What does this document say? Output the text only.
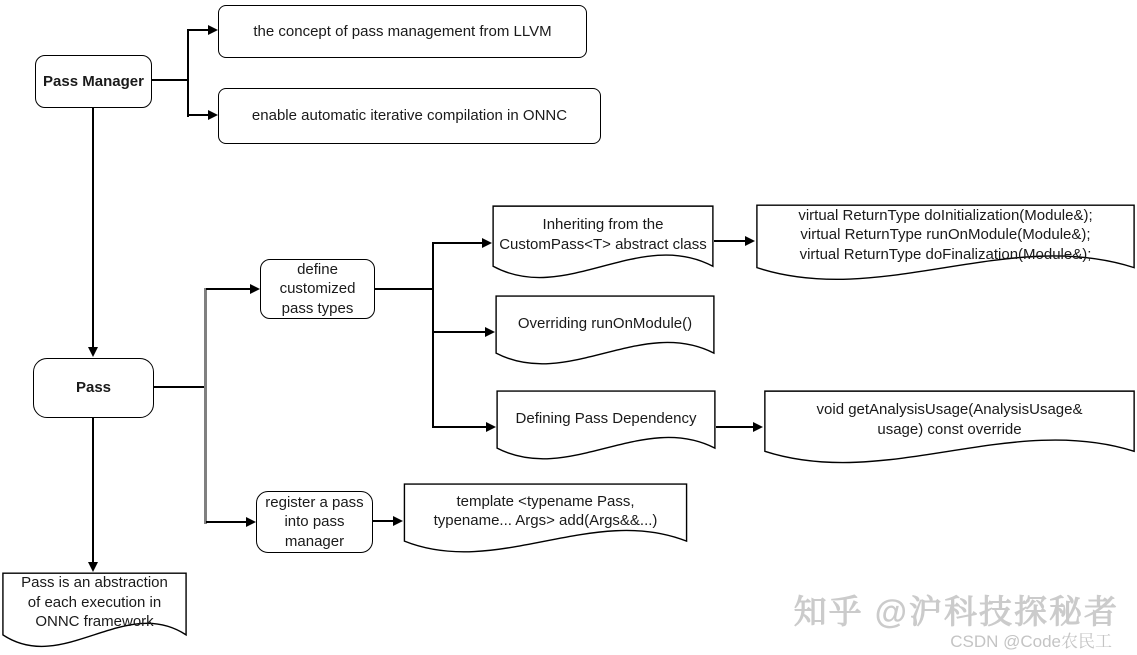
Pass Manager
the concept of pass management from LLVM
enable automatic iterative compilation in ONNC
Pass
define customized pass types
register a pass into pass manager
Inheriting from the CustomPass<T> abstract class
virtual ReturnType doInitialization(Module&);
virtual ReturnType runOnModule(Module&);
virtual ReturnType doFinalization(Module&);
Overriding runOnModule()
Defining Pass Dependency	void getAnalysisUsage(AnalysisUsage&
usage) const override
template <typename Pass,
typename... Args> add(Args&&...)
Pass is an abstraction
of each execution in
ONNC framework	知乎 @沪科技探秘者
CSDN @Code农民工
